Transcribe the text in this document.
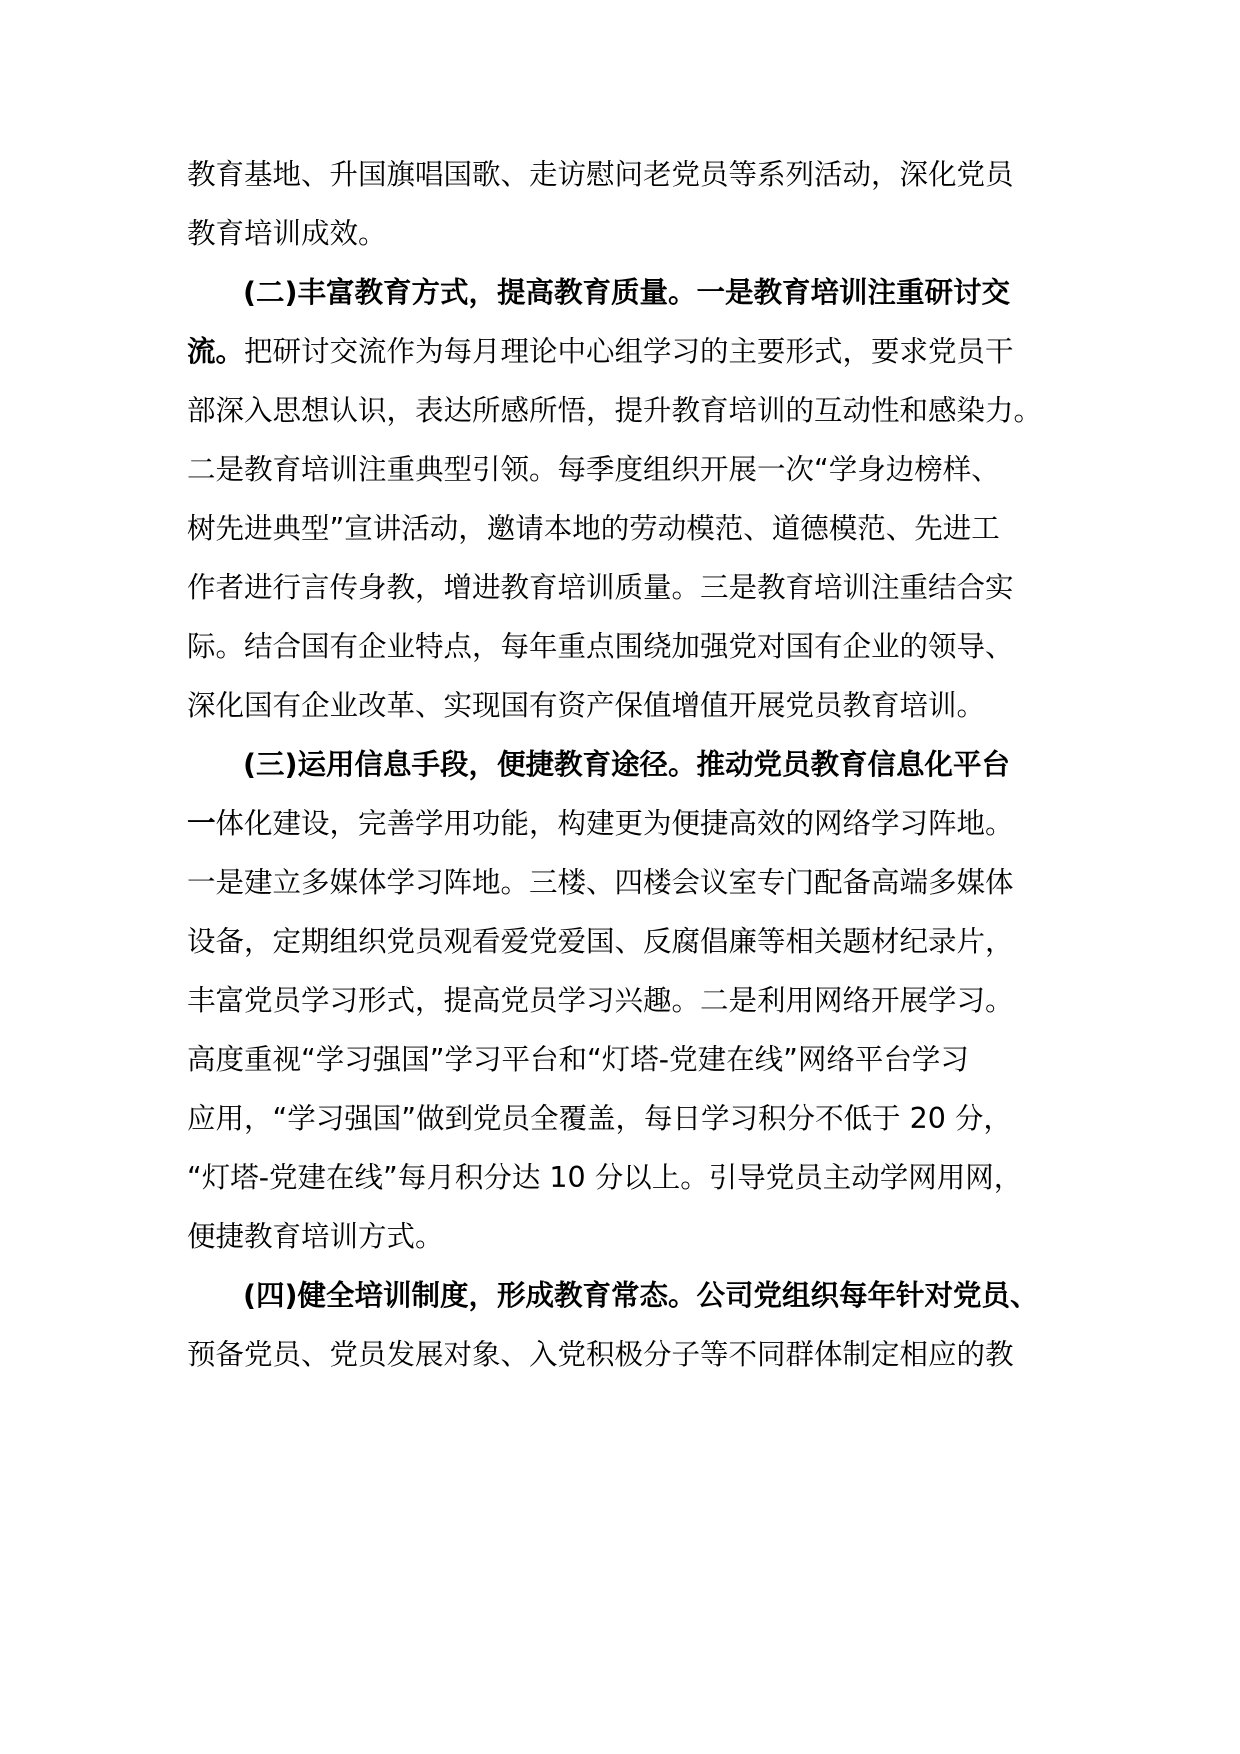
教育基地、升国旗唱国歌、走访慰问老党员等系列活动，深化党员
教育培训成效。
(二)丰富教育方式，提高教育质量。一是教育培训注重研讨交
流。把研讨交流作为每月理论中心组学习的主要形式，要求党员干
部深入思想认识，表达所感所悟，提升教育培训的互动性和感染力。
二是教育培训注重典型引领。每季度组织开展一次“学身边榜样、
树先进典型”宣讲活动，邀请本地的劳动模范、道德模范、先进工
作者进行言传身教，增进教育培训质量。三是教育培训注重结合实
际。结合国有企业特点，每年重点围绕加强党对国有企业的领导、
深化国有企业改革、实现国有资产保值增值开展党员教育培训。
(三)运用信息手段，便捷教育途径。推动党员教育信息化平台
一体化建设，完善学用功能，构建更为便捷高效的网络学习阵地。
一是建立多媒体学习阵地。三楼、四楼会议室专门配备高端多媒体
设备，定期组织党员观看爱党爱国、反腐倡廉等相关题材纪录片，
丰富党员学习形式，提高党员学习兴趣。二是利用网络开展学习。
高度重视“学习强国”学习平台和“灯塔-党建在线”网络平台学习
应用，“学习强国”做到党员全覆盖，每日学习积分不低于 20 分，
“灯塔-党建在线”每月积分达 10 分以上。引导党员主动学网用网，
便捷教育培训方式。
(四)健全培训制度，形成教育常态。公司党组织每年针对党员、
预备党员、党员发展对象、入党积极分子等不同群体制定相应的教
